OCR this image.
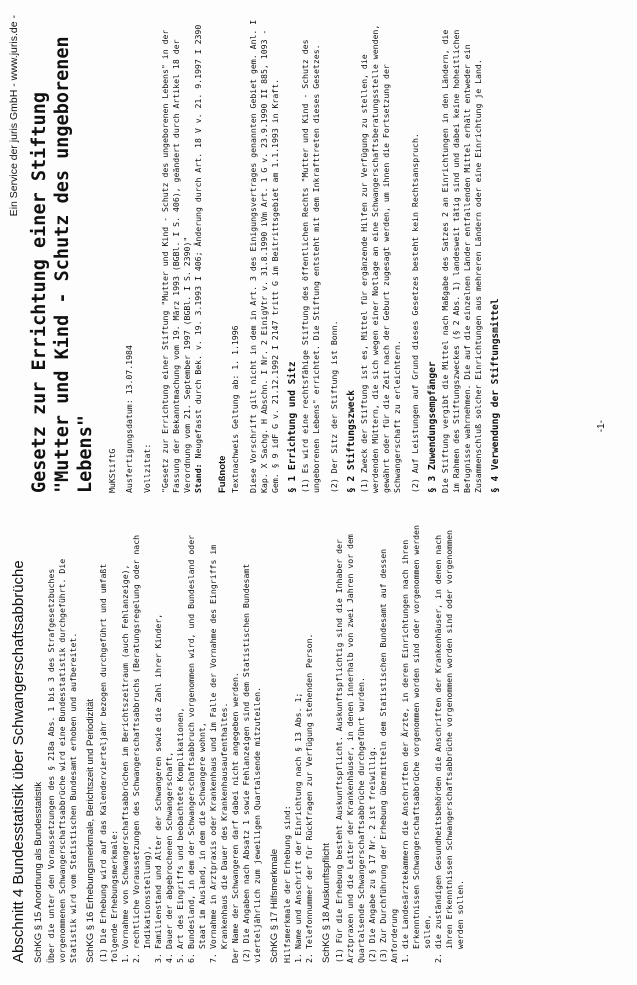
Abschnitt 4 Bundesstatistik über Schwangerschaftsabbrüche SchKG § 15 Anordnung als Bundesstatistik Über die unter den Voraussetzungen des § 218a Abs. 1 bis 3 des Strafgesetzbuches vorgenommenen Schwangerschaftsabbrüche wird eine Bundesstatistik durchgeführt. Die Statistik wird vom Statistischen Bundesamt erhoben und aufbereitet. SchKG § 16 Erhebungsmerkmale, Berichtszeit und Periodizität (1) Die Erhebung wird auf das Kalendervierteljahr bezogen durchgeführt und umfaßt folgende Erhebungsmerkmale: 1.
Vornahme von Schwangerschaftsabbrüchen im Berichtszeitraum (auch Fehlanzeige),
2.
rechtliche Voraussetzungen des Schwangerschaftsabbruchs (Beratungsregelung oder nach Indikationsstellung),
3.
Familienstand und Alter der Schwangeren sowie die Zahl ihrer Kinder,
4.
Dauer der abgebrochenen Schwangerschaft,
5.
Art des Eingriffs und beobachtete Komplikationen,
6.
Bundesland, in dem der Schwangerschaftsabbruch vorgenommen wird, und Bundesland oder Staat im Ausland, in dem die Schwangere wohnt,
7.
Vornahme in Arztpraxis oder Krankenhaus und im Falle der Vornahme des Eingriffs im Krankenhaus die Dauer des Krankenhausaufenthaltes. Der Name der Schwangeren darf dabei nicht angegeben werden. (2) Die Angaben nach Absatz 1 sowie Fehlanzeigen sind dem Statistischen Bundesamt vierteljährlich zum jeweiligen Quartalsende mitzuteilen. SchKG § 17 Hilfsmerkmale Hilfsmerkmale der Erhebung sind: 1.
Name und Anschrift der Einrichtung nach § 13 Abs. 1;
2.
Telefonnummer der für Rückfragen zur Verfügung stehenden Person. SchKG § 18 Auskunftspflicht (1) Für die Erhebung besteht Auskunftspflicht. Auskunftspflichtig sind die Inhaber der Arztpraxen und die Leiter der Krankenhäuser, in denen innerhalb von zwei Jahren vor dem Quartalsende Schwangerschaftsabbrüche durchgeführt wurden. (2) Die Angabe zu § 17 Nr. 2 ist freiwillig. (3) Zur Durchführung der Erhebung übermitteln dem Statistischen Bundesamt auf dessen Anforderung 1.
die Landesärztekammern die Anschriften der Ärzte, in deren Einrichtungen nach ihren Erkenntnissen Schwangerschaftsabbrüche vorgenommen worden sind oder vorgenommen werden sollen,
2.
die zuständigen Gesundheitsbehörden die Anschriften der Krankenhäuser, in denen nach ihren Erkenntnissen Schwangerschaftsabbrüche vorgenommen worden sind oder vorgenommen werden sollen.
Ein Service der juris GmbH - www.juris.de - Gesetz zur Errichtung einer Stiftung "Mutter und Kind - Schutz des ungeborenen Lebens" MuKStiftG Ausfertigungsdatum: 13.07.1984 Vollzitat: "Gesetz zur Errichtung einer Stiftung "Mutter und Kind - Schutz des ungeborenen Lebens" in der Fassung der Bekanntmachung vom 19. März 1993 (BGBl. I S. 406), geändert durch Artikel 18 der Verordnung vom 21. September 1997 (BGBl. I S. 2390)" Stand: Neugefasst durch Bek. v. 19. 3.1993 I 406; Änderung durch Art. 18 V v. 21. 9.1997 I 2390

Fußnote Textnachweis Geltung ab: 1. 1.1996 Diese Vorschrift gilt nicht in dem in Art. 3 des Einigungsvertrages genannten Gebiet gem. Anl. I Kap. X Sachg. H Abschn. I Nr. 2 EinigVtr v. 31.8.1990 iVm Art. 1 G v. 23.9.1990 II 885, 1093 - Gem. § 9 idF G v. 21.12.1992 I 2147 tritt G im Beitrittsgebiet am 1.1.1993 in Kraft. § 1 Errichtung und Sitz (1) Es wird eine rechtsfähige Stiftung des öffentlichen Rechts "Mutter und Kind - Schutz des ungeborenen Lebens" errichtet. Die Stiftung entsteht mit dem Inkrafttreten dieses Gesetzes. (2) Der Sitz der Stiftung ist Bonn. § 2 Stiftungszweck (1) Zweck der Stiftung ist es, Mittel für ergänzende Hilfen zur Verfügung zu stellen, die werdenden Müttern, die sich wegen einer Notlage an eine Schwangerschaftsberatungsstelle wenden, gewährt oder für die Zeit nach der Geburt zugesagt werden, um ihnen die Fortsetzung der Schwangerschaft zu erleichtern. (2) Auf Leistungen auf Grund dieses Gesetzes besteht kein Rechtsanspruch. § 3 Zuwendungsempfänger Die Stiftung vergibt die Mittel nach Maßgabe des Satzes 2 an Einrichtungen in den Ländern, die im Rahmen des Stiftungszweckes (§ 2 Abs. 1) landesweit tätig sind und dabei keine hoheitlichen Befugnisse wahrnehmen. Die auf die einzelnen Länder entfallenden Mittel erhält entweder ein Zusammenschluß solcher Einrichtungen aus mehreren Ländern oder eine Einrichtung je Land. § 4 Verwendung der Stiftungsmittel	-1-
